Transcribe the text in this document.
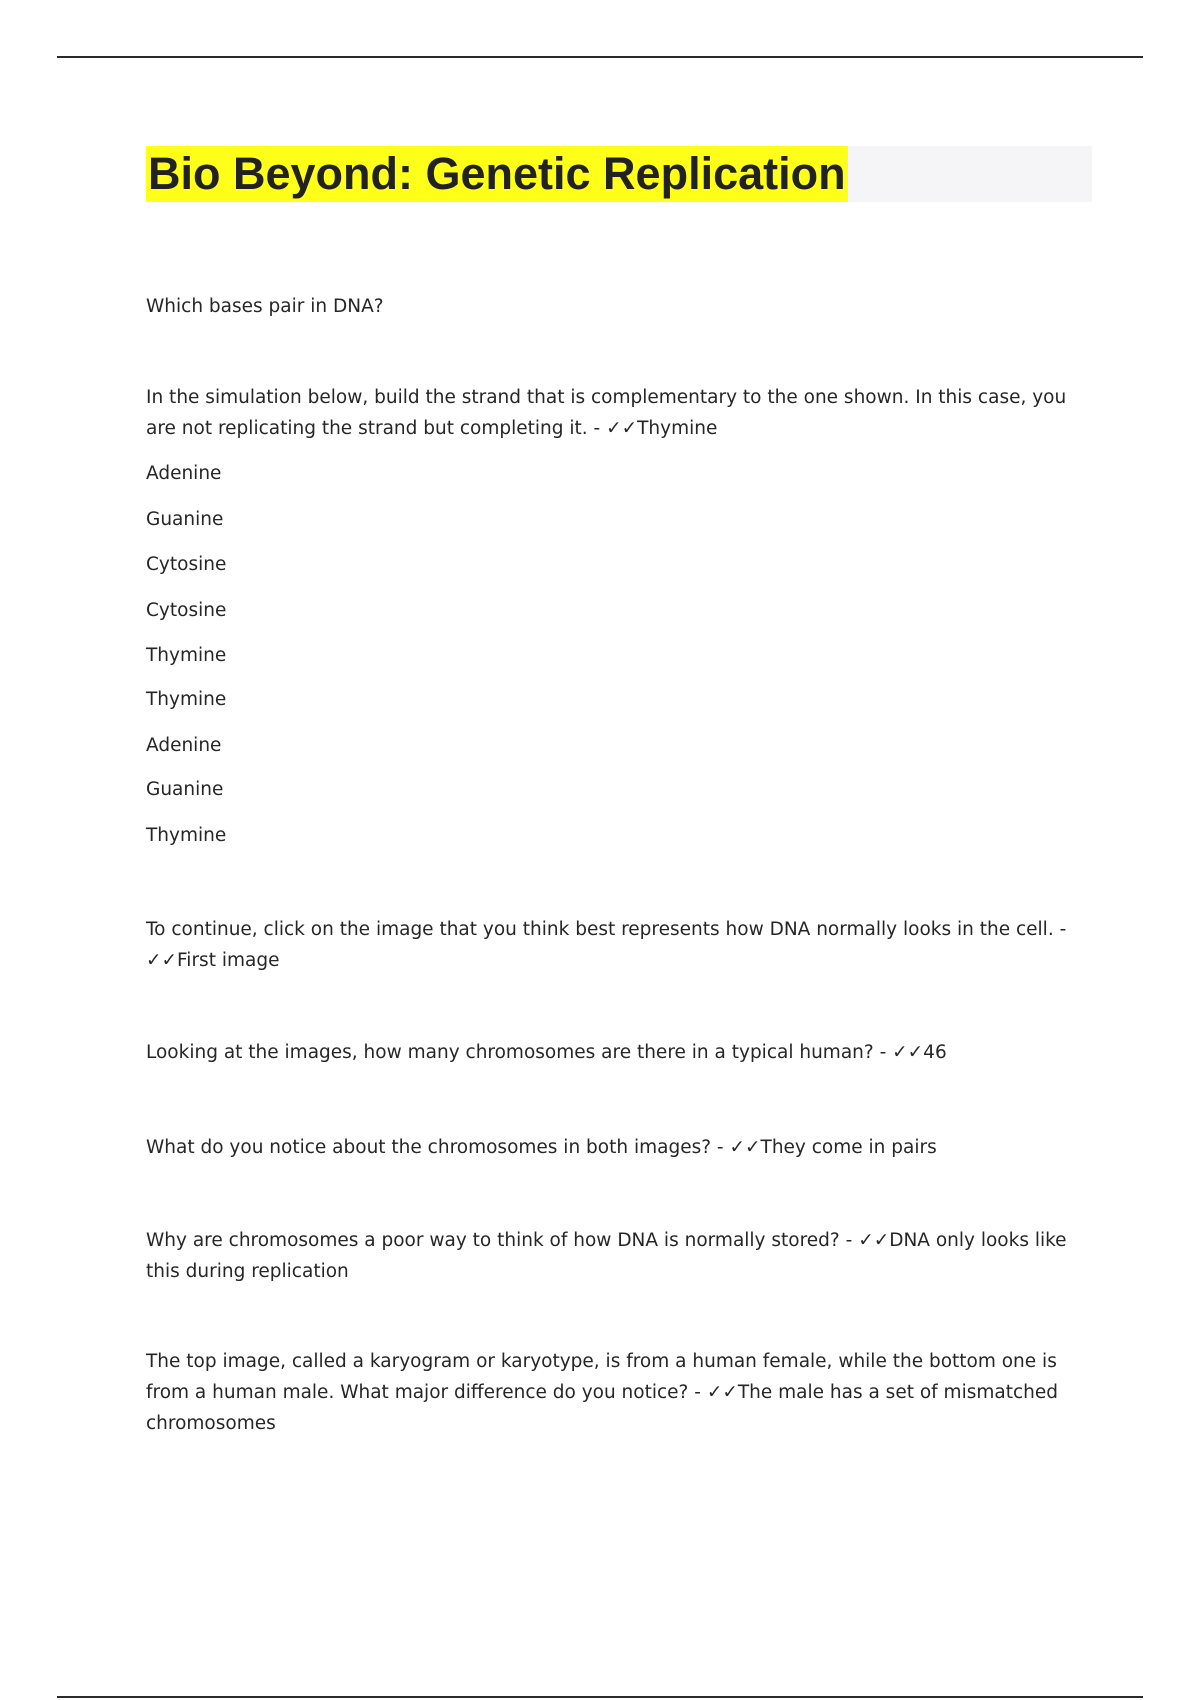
Bio Beyond: Genetic Replication
Which bases pair in DNA?
In the simulation below, build the strand that is complementary to the one shown. In this case, you are not replicating the strand but completing it. - ✓✓Thymine
Adenine
Guanine
Cytosine
Cytosine
Thymine
Thymine
Adenine
Guanine
Thymine
To continue, click on the image that you think best represents how DNA normally looks in the cell. - ✓✓First image
Looking at the images, how many chromosomes are there in a typical human? - ✓✓46
What do you notice about the chromosomes in both images? - ✓✓They come in pairs
Why are chromosomes a poor way to think of how DNA is normally stored? - ✓✓DNA only looks like this during replication
The top image, called a karyogram or karyotype, is from a human female, while the bottom one is from a human male. What major difference do you notice? - ✓✓The male has a set of mismatched chromosomes
